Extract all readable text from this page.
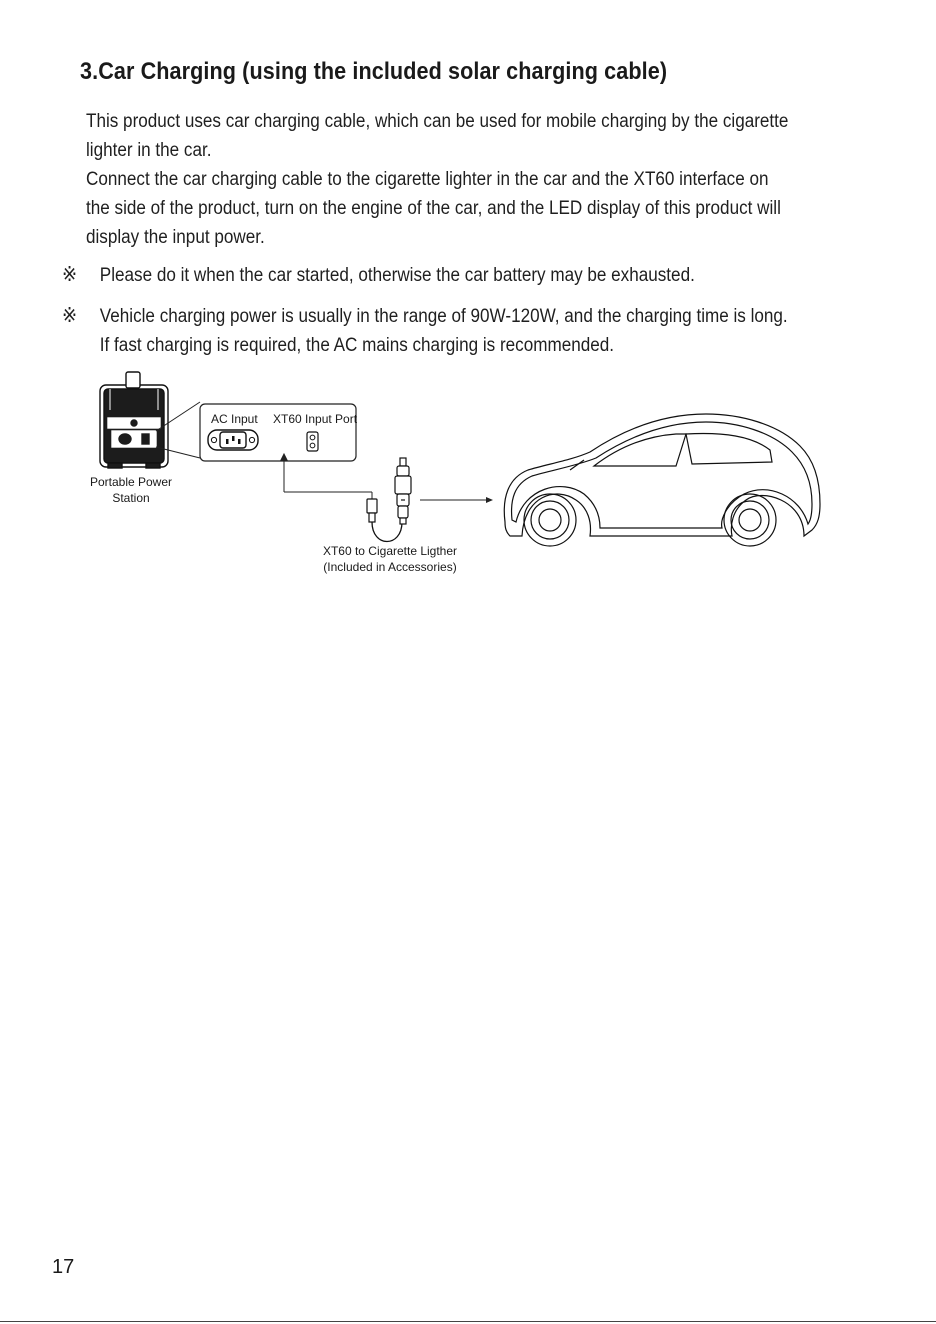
3.Car Charging (using the included solar charging cable)
This product uses car charging cable, which can be used for mobile charging by the cigarette
lighter in the car.
Connect the car charging cable to the cigarette lighter in the car and the XT60 interface on
the side of the product, turn on the engine of the car, and the LED display of this product will
display the input power.
※ Please do it when the car started, otherwise the car battery may be exhausted.
※ Vehicle charging power is usually in the range of 90W-120W, and the charging time is long.
If fast charging is required, the AC mains charging is recommended.
AC Input XT60 Input Port
Portable Power
Station
XT60 to Cigarette Ligther
(Included in Accessories)
17
